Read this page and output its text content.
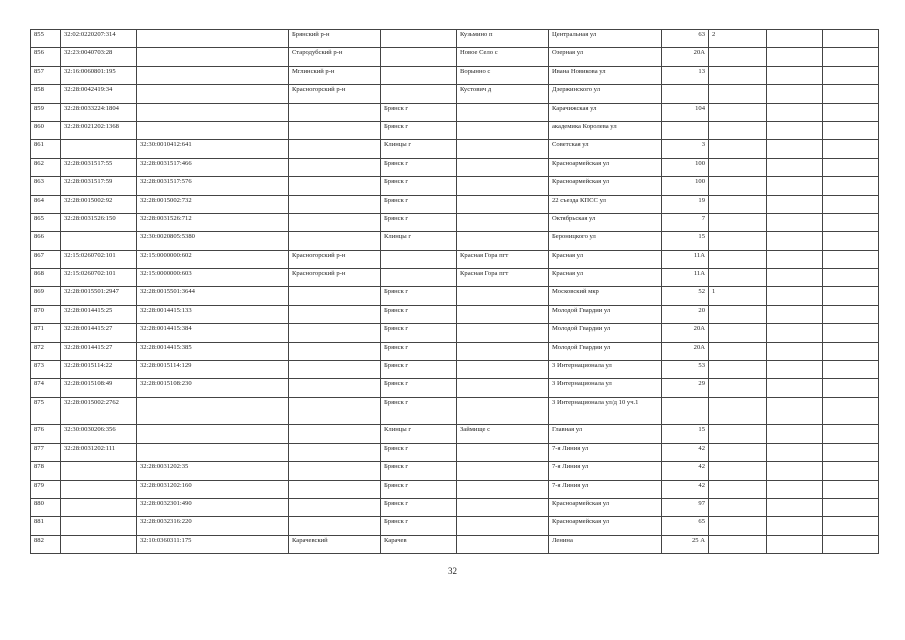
855	32:02:0220207:314		Брянский р-н		Кузьмино п	Центральная ул	63	2		
856	32:23:0040703:28		Стародубский р-н		Новое Село с	Озерная ул	20А			
857	32:16:0060801:195		Мглинский р-н		Ворынно с	Ивана Новикова ул	13			
858	32:28:0042419:34		Красногорский р-н		Кустович д	Дзержинского ул				
859	32:28:0033224:1804			Брянск г		Карачижская ул	104			
860	32:28:0021202:1368			Брянск г		академика Королева ул				
861		32:30:0010412:641		Клинцы г		Советская ул	3			
862	32:28:0031517:55	32:28:0031517:466		Брянск г		Красноармейская ул	100			
863	32:28:0031517:59	32:28:0031517:576		Брянск г		Красноармейская ул	100			
864	32:28:0015002:92	32:28:0015002:732		Брянск г		22 съезда КПСС ул	19			
865	32:28:0031526:150	32:28:0031526:712		Брянск г		Октябрьская ул	7			
866		32:30:0020805:5380		Клинцы г		Бероницкого ул	15			
867	32:15:0260702:101	32:15:0000000:602	Красногорский р-н		Красная Гора пгт	Красная ул	11А			
868	32:15:0260702:101	32:15:0000000:603	Красногорский р-н		Красная Гора пгт	Красная ул	11А			
869	32:28:0015501:2947	32:28:0015501:3644		Брянск г		Московский мкр	52	1		
870	32:28:0014415:25	32:28:0014415:133		Брянск г		Молодой Гвардии ул	20			
871	32:28:0014415:27	32:28:0014415:384		Брянск г		Молодой Гвардии ул	20А			
872	32:28:0014415:27	32:28:0014415:385		Брянск г		Молодой Гвардии ул	20А			
873	32:28:0015114:22	32:28:0015114:129		Брянск г		3 Интернационала ул	53			
874	32:28:0015108:49	32:28:0015108:230		Брянск г		3 Интернационала ул	29			
875	32:28:0015002:2762			Брянск г		3 Интернационала ул/д 10 уч.1				
876	32:30:0030206:356			Клинцы г	Займище с	Главная ул	15			
877	32:28:0031202:111			Брянск г		7-я Линия ул	42			
878		32:28:0031202:35		Брянск г		7-я Линия ул	42			
879		32:28:0031202:160		Брянск г		7-я Линия ул	42			
880		32:28:0032301:490		Брянск г		Красноармейская ул	97			
881		32:28:0032316:220		Брянск г		Красноармейская ул	65			
882		32:10:0360311:175	Карачевский	Карачев		Ленина	25 А			
32
